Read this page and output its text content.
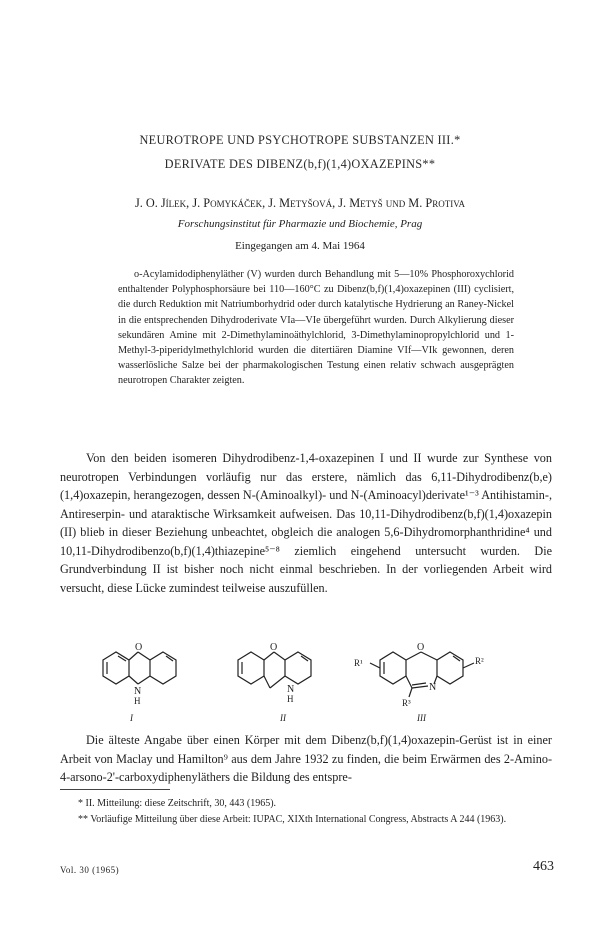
NEUROTROPE UND PSYCHOTROPE SUBSTANZEN III.*
DERIVATE DES DIBENZ(b,f)(1,4)OXAZEPINS**
J. O. Jílek, J. Pomykáček, J. Metyšová, J. Metyš und M. Protiva
Forschungsinstitut für Pharmazie und Biochemie, Prag
Eingegangen am 4. Mai 1964

o-Acylamidodiphenyläther (V) wurden durch Behandlung mit 5—10% Phosphoroxychlorid enthaltender Polyphosphorsäure bei 110—160°C zu Dibenz(b,f)(1,4)oxazepinen (III) cyclisiert, die durch Reduktion mit Natriumborhydrid oder durch katalytische Hydrierung an Raney-Nickel in die entsprechenden Dihydroderivate VIa—VIe übergeführt wurden. Durch Alkylierung dieser sekundären Amine mit 2-Dimethylaminoäthylchlorid, 3-Dimethylaminopropylchlorid und 1-Methyl-3-piperidylmethylchlorid wurden die ditertiären Diamine VIf—VIk gewonnen, deren wasserlösliche Salze bei der pharmakologischen Testung einen relativ schwach ausgeprägten neurotropen Charakter zeigten.

Von den beiden isomeren Dihydrodibenz-1,4-oxazepinen I und II wurde zur Synthese von neurotropen Verbindungen vorläufig nur das erstere, nämlich das 6,11-Dihydrodibenz(b,e)(1,4)oxazepin, herangezogen, dessen N-(Aminoalkyl)- und N-(Aminoacyl)derivate¹⁻³ Antihistamin-, Antireserpin- und ataraktische Wirksamkeit aufweisen. Das 10,11-Dihydrodibenz(b,f)(1,4)oxazepin (II) blieb in dieser Beziehung unbeachtet, obgleich die analogen 5,6-Dihydromorphanthridine⁴ und 10,11-Dihydrodibenzo(b,f)(1,4)thiazepine⁵⁻⁸ ziemlich eingehend untersucht wurden. Die Grundverbindung II ist bisher noch nicht einmal beschrieben. In der vorliegenden Arbeit wird versucht, diese Lücke zumindest teilweise auszufüllen.

O
N
H
I
O
N
H
II
O
N
R¹	R²
R³
III

Die älteste Angabe über einen Körper mit dem Dibenz(b,f)(1,4)oxazepin-Gerüst ist in einer Arbeit von Maclay und Hamilton⁹ aus dem Jahre 1932 zu finden, die beim Erwärmen des 2-Amino-4-arsono-2'-carboxydiphenyläthers die Bildung des entspre-

* II. Mitteilung: diese Zeitschrift, 30, 443 (1965).
** Vorläufige Mitteilung über diese Arbeit: IUPAC, XIXth International Congress, Abstracts A 244 (1963).
Vol. 30 (1965)	463
